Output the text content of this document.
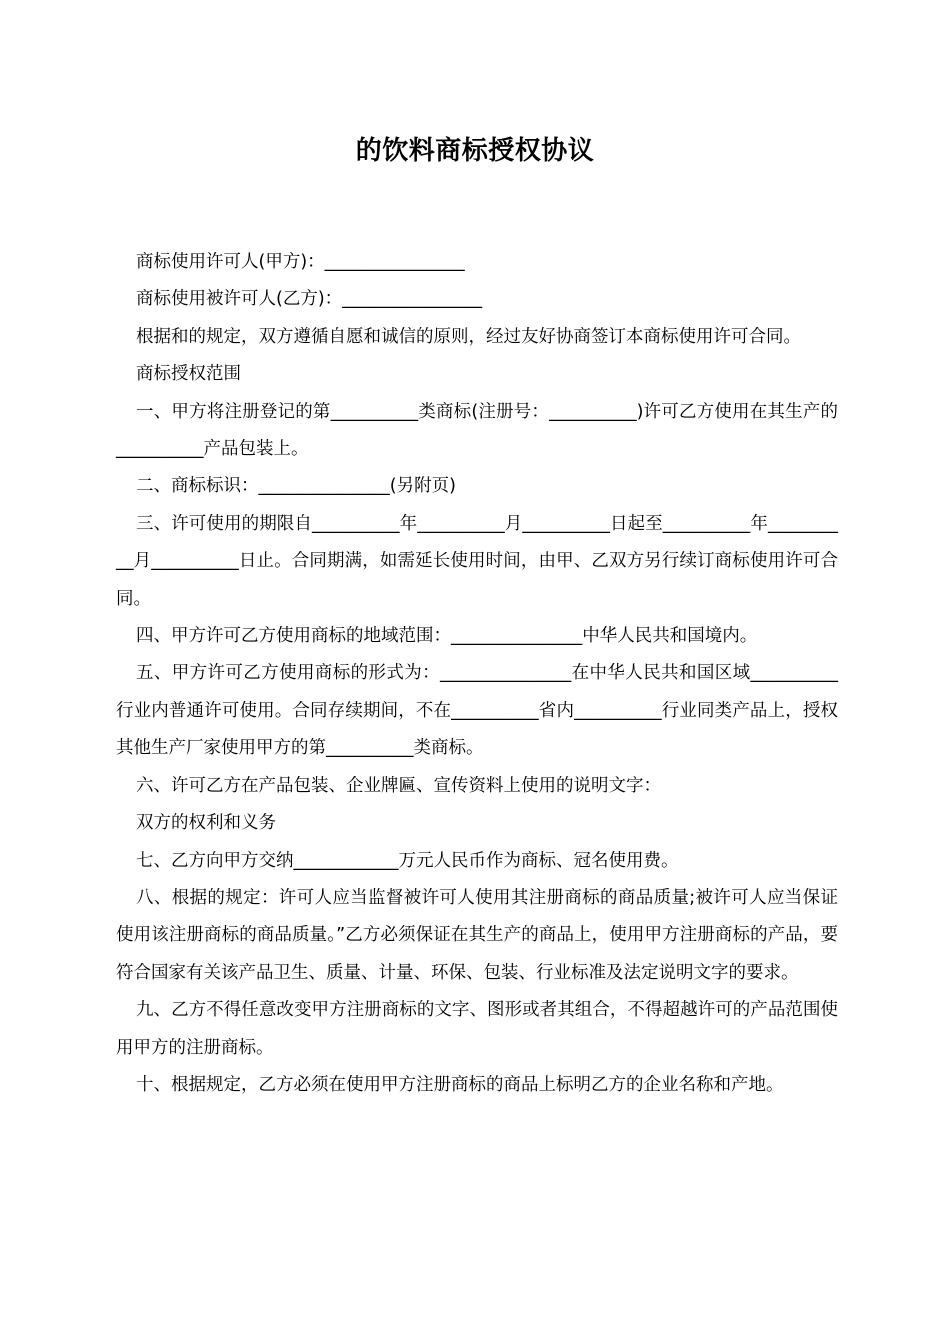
的饮料商标授权协议

商标使用许可人(甲方)：________________

商标使用被许可人(乙方)：________________

根据和的规定，双方遵循自愿和诚信的原则，经过友好协商签订本商标使用许可合同。

商标授权范围

一、甲方将注册登记的第__________类商标(注册号：__________)许可乙方使用在其生产的__________产品包装上。

二、商标标识：_______________(另附页)

三、许可使用的期限自__________年__________月__________日起至__________年__________月__________日止。合同期满，如需延长使用时间，由甲、乙双方另行续订商标使用许可合同。

四、甲方许可乙方使用商标的地域范围：_______________中华人民共和国境内。

五、甲方许可乙方使用商标的形式为：_______________在中华人民共和国区域__________行业内普通许可使用。合同存续期间，不在__________省内__________行业同类产品上，授权其他生产厂家使用甲方的第__________类商标。

六、许可乙方在产品包装、企业牌匾、宣传资料上使用的说明文字：

双方的权利和义务

七、乙方向甲方交纳____________万元人民币作为商标、冠名使用费。

八、根据的规定：许可人应当监督被许可人使用其注册商标的商品质量;被许可人应当保证使用该注册商标的商品质量。”乙方必须保证在其生产的商品上，使用甲方注册商标的产品，要符合国家有关该产品卫生、质量、计量、环保、包装、行业标准及法定说明文字的要求。

九、乙方不得任意改变甲方注册商标的文字、图形或者其组合，不得超越许可的产品范围使用甲方的注册商标。

十、根据规定，乙方必须在使用甲方注册商标的商品上标明乙方的企业名称和产地。
